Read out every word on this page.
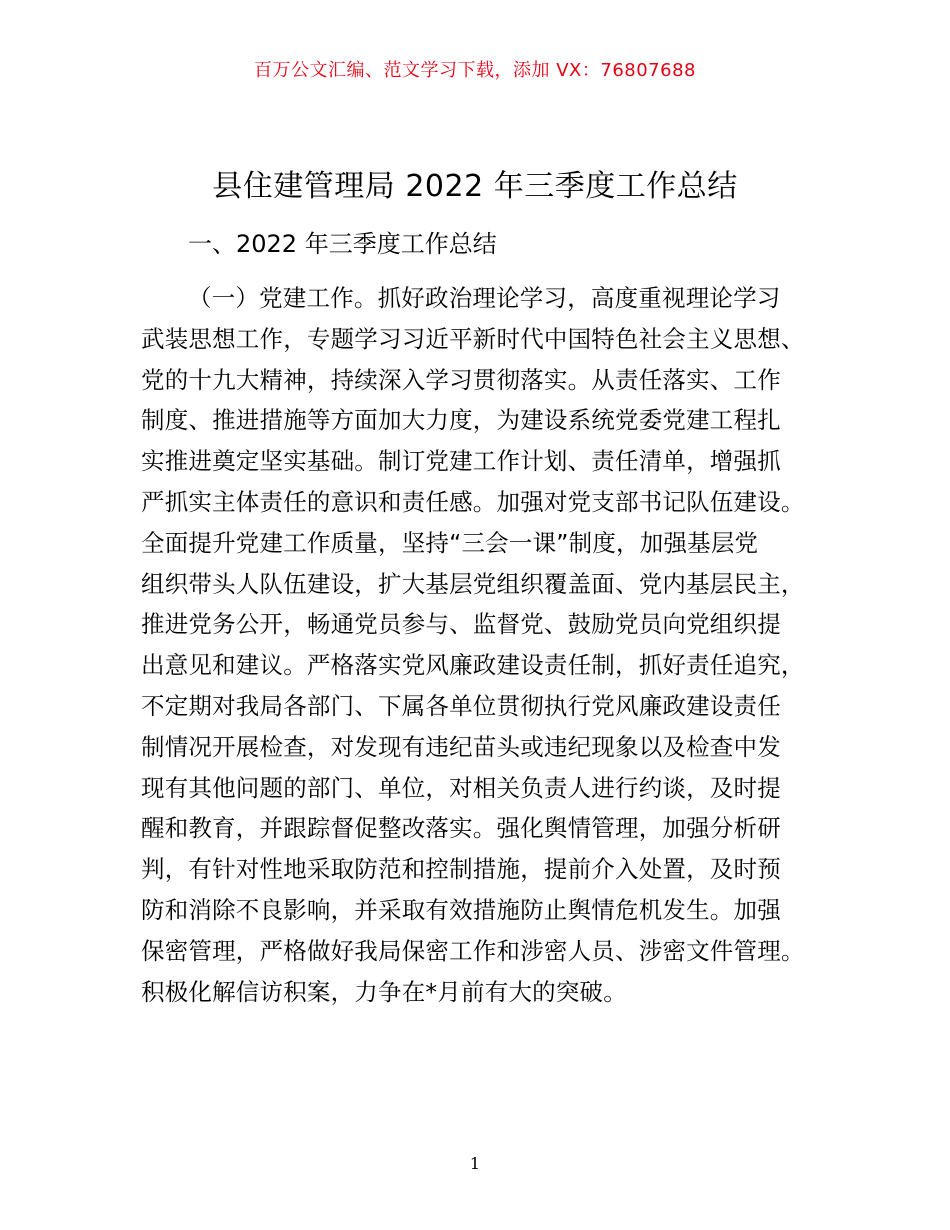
百万公文汇编、范文学习下载，添加 VX：76807688
县住建管理局 2022 年三季度工作总结
一、2022 年三季度工作总结
（一）党建工作。抓好政治理论学习，高度重视理论学习
武装思想工作，专题学习习近平新时代中国特色社会主义思想、
党的十九大精神，持续深入学习贯彻落实。从责任落实、工作
制度、推进措施等方面加大力度，为建设系统党委党建工程扎
实推进奠定坚实基础。制订党建工作计划、责任清单，增强抓
严抓实主体责任的意识和责任感。加强对党支部书记队伍建设。
全面提升党建工作质量，坚持“三会一课”制度，加强基层党
组织带头人队伍建设，扩大基层党组织覆盖面、党内基层民主，
推进党务公开，畅通党员参与、监督党、鼓励党员向党组织提
出意见和建议。严格落实党风廉政建设责任制，抓好责任追究，
不定期对我局各部门、下属各单位贯彻执行党风廉政建设责任
制情况开展检查，对发现有违纪苗头或违纪现象以及检查中发
现有其他问题的部门、单位，对相关负责人进行约谈，及时提
醒和教育，并跟踪督促整改落实。强化舆情管理，加强分析研
判，有针对性地采取防范和控制措施，提前介入处置，及时预
防和消除不良影响，并采取有效措施防止舆情危机发生。加强
保密管理，严格做好我局保密工作和涉密人员、涉密文件管理。
积极化解信访积案，力争在*月前有大的突破。
1
